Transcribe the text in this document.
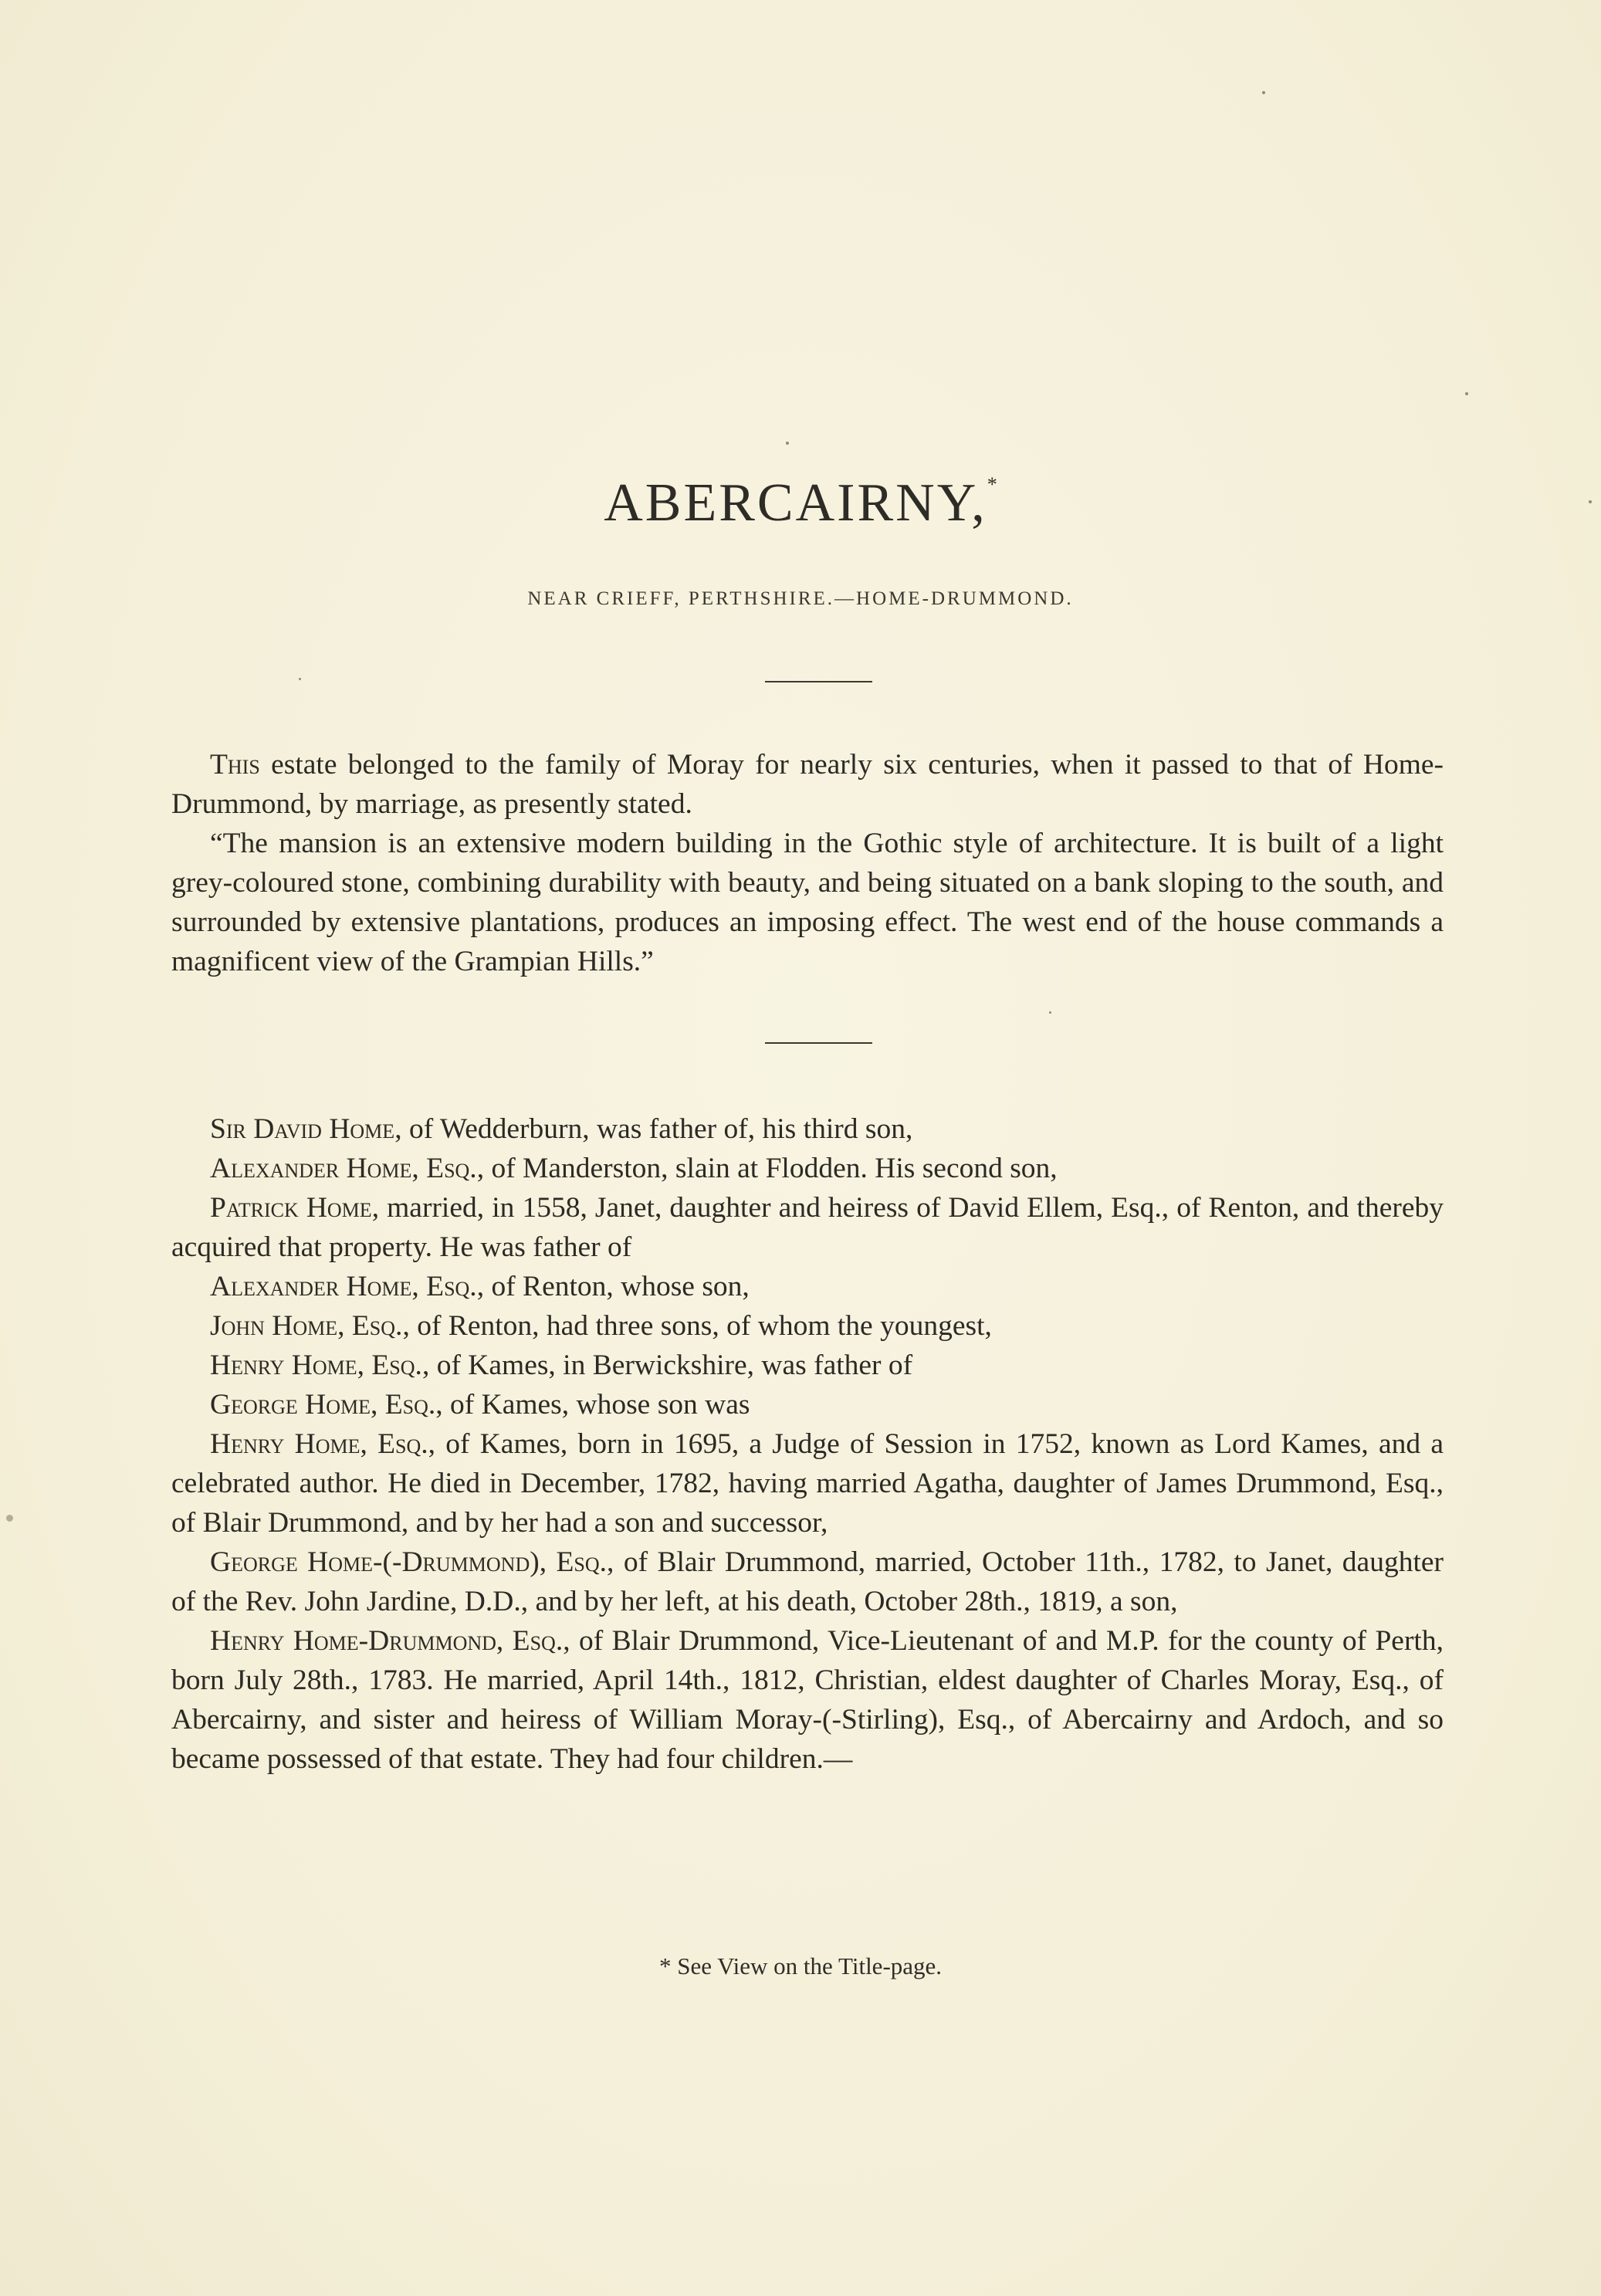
ABERCAIRNY,*
NEAR CRIEFF, PERTHSHIRE.—HOME-DRUMMOND.

This estate belonged to the family of Moray for nearly six centuries, when it passed to that of Home-Drummond, by marriage, as presently stated.

“The mansion is an extensive modern building in the Gothic style of architecture. It is built of a light grey-coloured stone, combining durability with beauty, and being situated on a bank sloping to the south, and surrounded by extensive plantations, produces an imposing effect. The west end of the house commands a magnificent view of the Grampian Hills.”

Sir David Home, of Wedderburn, was father of, his third son,

Alexander Home, Esq., of Manderston, slain at Flodden. His second son,

Patrick Home, married, in 1558, Janet, daughter and heiress of David Ellem, Esq., of Renton, and thereby acquired that property. He was father of

Alexander Home, Esq., of Renton, whose son,

John Home, Esq., of Renton, had three sons, of whom the youngest,

Henry Home, Esq., of Kames, in Berwickshire, was father of

George Home, Esq., of Kames, whose son was

Henry Home, Esq., of Kames, born in 1695, a Judge of Session in 1752, known as Lord Kames, and a celebrated author. He died in December, 1782, having married Agatha, daughter of James Drummond, Esq., of Blair Drummond, and by her had a son and successor,

George Home-(-Drummond), Esq., of Blair Drummond, married, October 11th., 1782, to Janet, daughter of the Rev. John Jardine, D.D., and by her left, at his death, October 28th., 1819, a son,

Henry Home-Drummond, Esq., of Blair Drummond, Vice-Lieutenant of and M.P. for the county of Perth, born July 28th., 1783. He married, April 14th., 1812, Christian, eldest daughter of Charles Moray, Esq., of Abercairny, and sister and heiress of William Moray-(-Stirling), Esq., of Abercairny and Ardoch, and so became possessed of that estate. They had four children.—

* See View on the Title-page.
